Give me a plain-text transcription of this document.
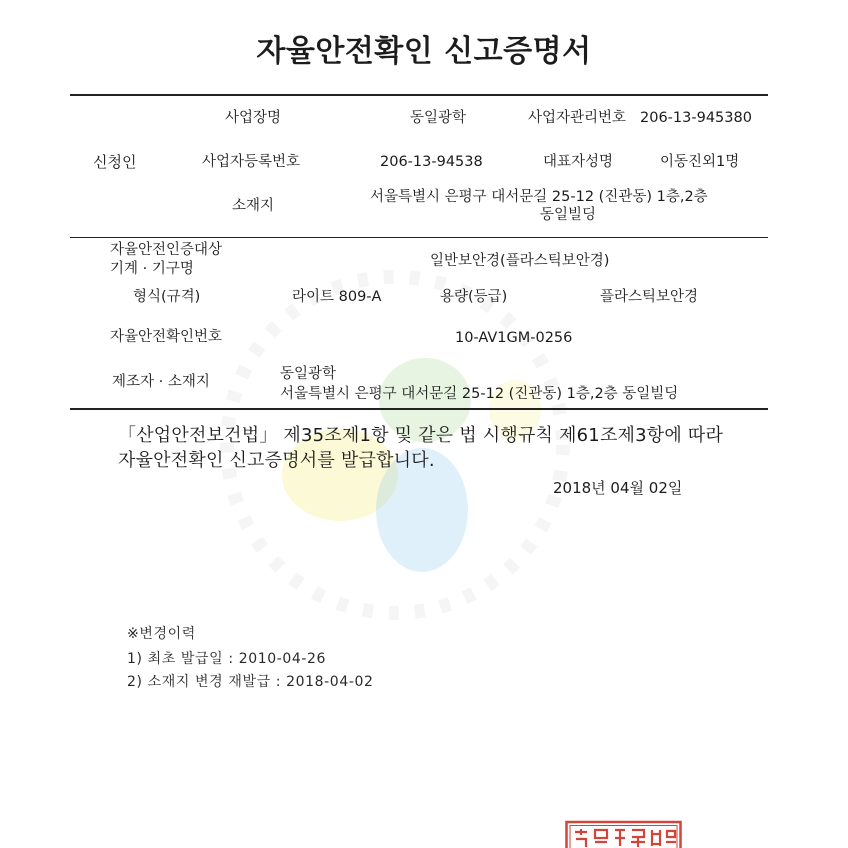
자율안전확인 신고증명서
사업장명	동일광학	사업자관리번호 206-13-945380
신청인	사업자등록번호	206-13-94538	대표자성명	이동진외1명
소재지
서울특별시 은평구 대서문길 25-12 (진관동) 1층,2층
동일빌딩
자율안전인증대상
기계 · 기구명	일반보안경(플라스틱보안경)
형식(규격)	라이트 809-A	용량(등급)	플라스틱보안경
자율안전확인번호	10-AV1GM-0256
제조자 · 소재지	동일광학
서울특별시 은평구 대서문길 25-12 (진관동) 1층,2층 동일빌딩
「산업안전보건법」 제35조제1항 및 같은 법 시행규칙 제61조제3항에 따라
자율안전확인 신고증명서를 발급합니다.
2018년 04월 02일
※변경이력
1) 최초 발급일 : 2010-04-26
2) 소재지 변경 재발급 : 2018-04-02
